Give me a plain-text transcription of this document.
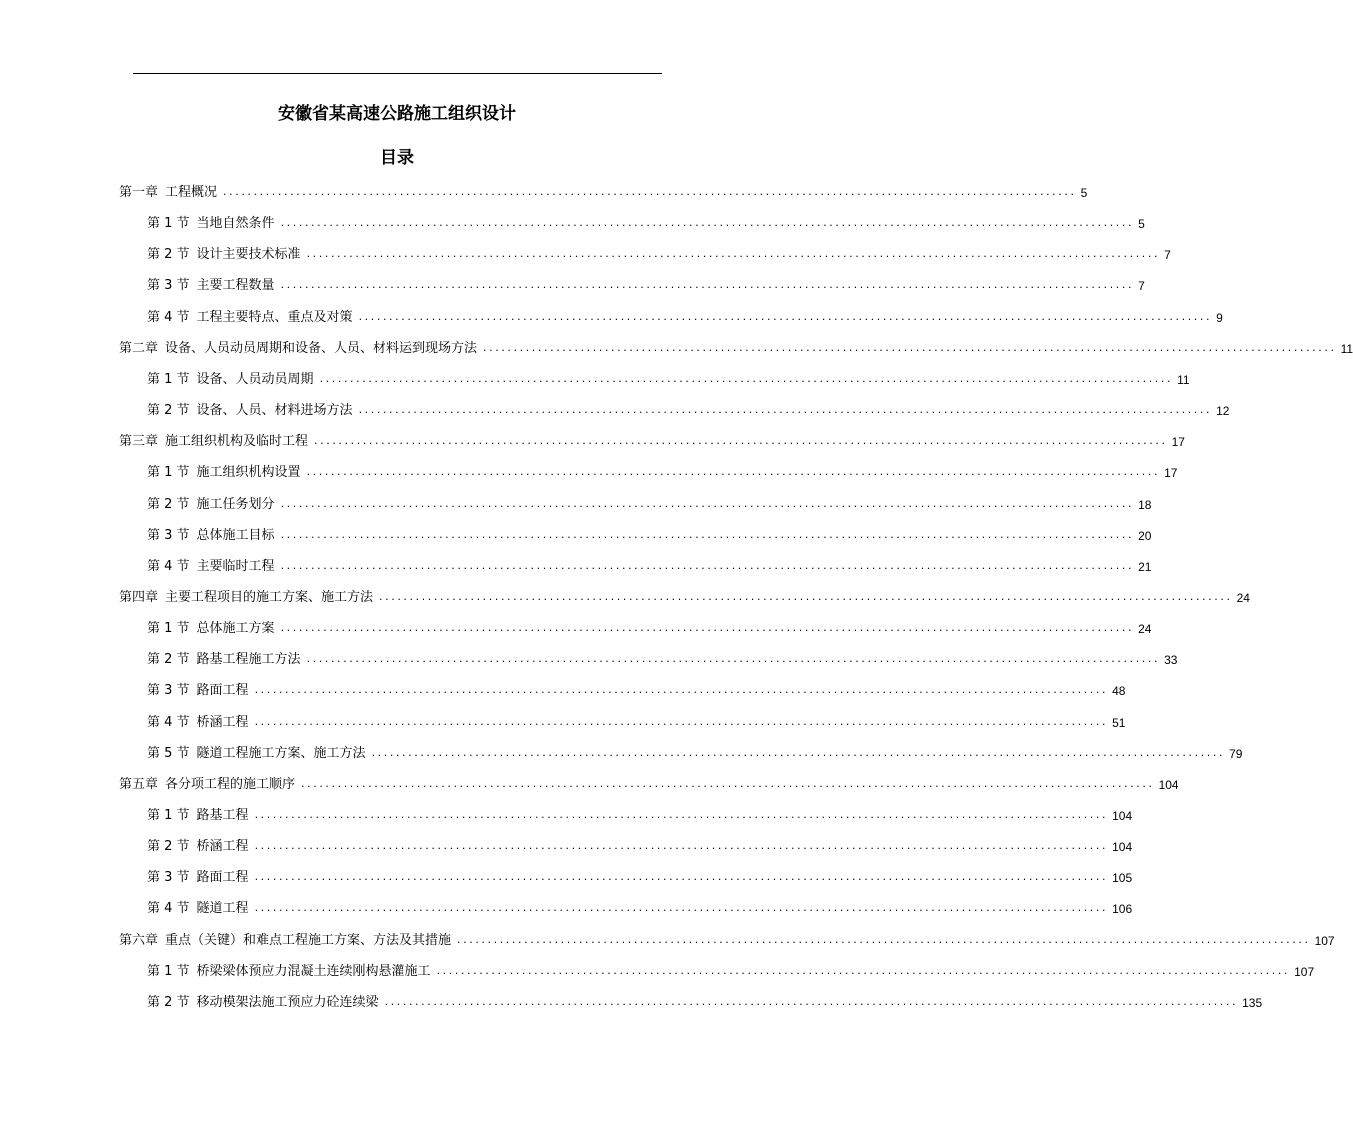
安徽省某高速公路施工组织设计
目录
第一章 工程概况 ............................................................................................................................................ 5
第 1 节 当地自然条件 ............................................................................................................................................ 5
第 2 节 设计主要技术标准 ............................................................................................................................................ 7
第 3 节 主要工程数量 ............................................................................................................................................ 7
第 4 节 工程主要特点、重点及对策 ............................................................................................................................................ 9
第二章 设备、人员动员周期和设备、人员、材料运到现场方法 ............................................................................................................................................ 11
第 1 节 设备、人员动员周期 ............................................................................................................................................ 11
第 2 节 设备、人员、材料进场方法 ............................................................................................................................................ 12
第三章 施工组织机构及临时工程 ............................................................................................................................................ 17
第 1 节 施工组织机构设置 ............................................................................................................................................ 17
第 2 节 施工任务划分 ............................................................................................................................................ 18
第 3 节 总体施工目标 ............................................................................................................................................ 20
第 4 节 主要临时工程 ............................................................................................................................................ 21
第四章 主要工程项目的施工方案、施工方法 ............................................................................................................................................ 24
第 1 节 总体施工方案 ............................................................................................................................................ 24
第 2 节 路基工程施工方法 ............................................................................................................................................ 33
第 3 节 路面工程 ............................................................................................................................................ 48
第 4 节 桥涵工程 ............................................................................................................................................ 51
第 5 节 隧道工程施工方案、施工方法 ............................................................................................................................................ 79
第五章 各分项工程的施工顺序 ............................................................................................................................................ 104
第 1 节 路基工程 ............................................................................................................................................ 104
第 2 节 桥涵工程 ............................................................................................................................................ 104
第 3 节 路面工程 ............................................................................................................................................ 105
第 4 节 隧道工程 ............................................................................................................................................ 106
第六章 重点（关键）和难点工程施工方案、方法及其措施 ............................................................................................................................................ 107
第 1 节 桥梁梁体预应力混凝土连续刚构悬灌施工 ............................................................................................................................................ 107
第 2 节 移动模架法施工预应力砼连续梁 ............................................................................................................................................ 135
